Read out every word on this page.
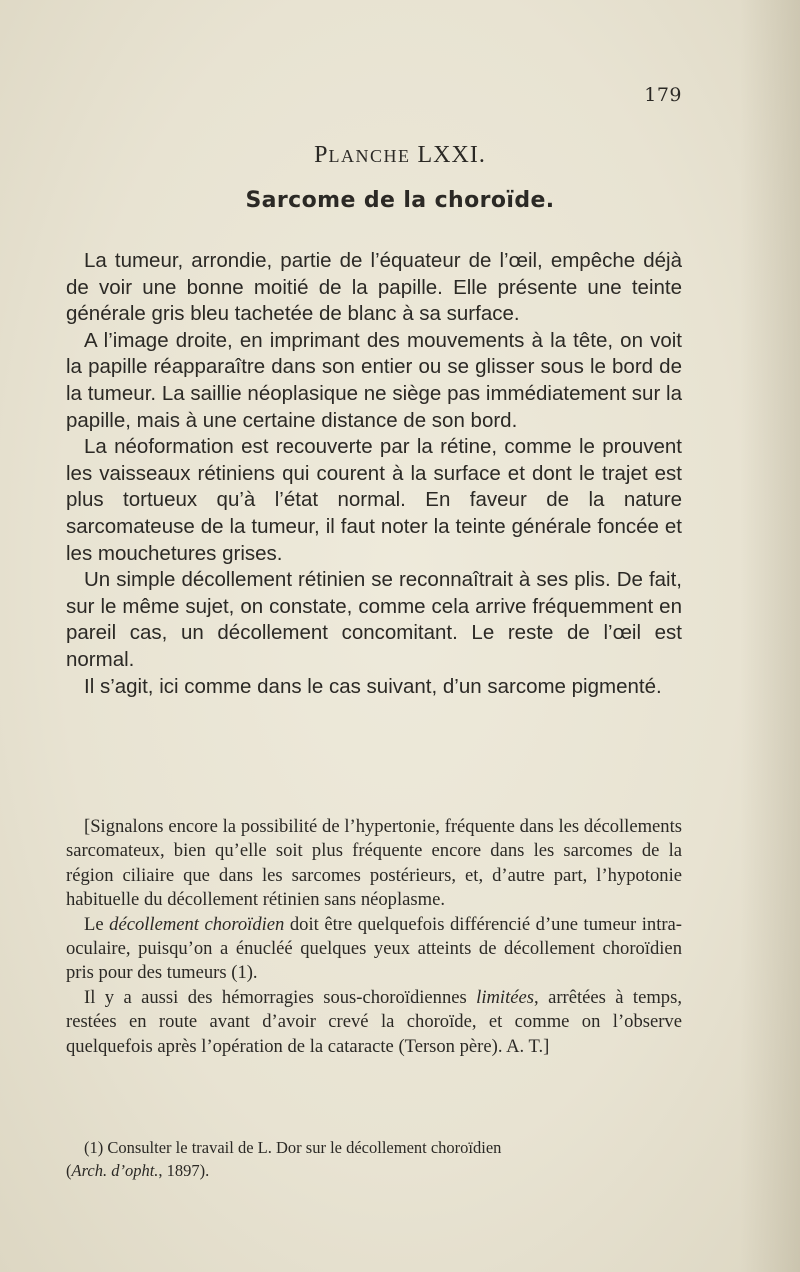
179
PLANCHE LXXI.
Sarcome de la choroïde.

La tumeur, arrondie, partie de l’équateur de l’œil, empêche déjà de voir une bonne moitié de la papille. Elle présente une teinte générale gris bleu tachetée de blanc à sa surface.

A l’image droite, en imprimant des mouvements à la tête, on voit la papille réapparaître dans son entier ou se glisser sous le bord de la tumeur. La saillie néoplasique ne siège pas immédiatement sur la papille, mais à une certaine distance de son bord.

La néoformation est recouverte par la rétine, comme le prouvent les vaisseaux rétiniens qui courent à la surface et dont le trajet est plus tortueux qu’à l’état normal. En faveur de la nature sarcomateuse de la tumeur, il faut noter la teinte générale foncée et les mouchetures grises.

Un simple décollement rétinien se reconnaîtrait à ses plis. De fait, sur le même sujet, on constate, comme cela arrive fréquemment en pareil cas, un décollement concomitant. Le reste de l’œil est normal.

Il s’agit, ici comme dans le cas suivant, d’un sarcome pigmenté.

[Signalons encore la possibilité de l’hypertonie, fréquente dans les décollements sarcomateux, bien qu’elle soit plus fréquente encore dans les sarcomes de la région ciliaire que dans les sarcomes postérieurs, et, d’autre part, l’hypotonie habituelle du décollement rétinien sans néoplasme.

Le décollement choroïdien doit être quelquefois différencié d’une tumeur intra-oculaire, puisqu’on a énucléé quelques yeux atteints de décollement choroïdien pris pour des tumeurs (1).

Il y a aussi des hémorragies sous-choroïdiennes limitées, arrêtées à temps, restées en route avant d’avoir crevé la choroïde, et comme on l’observe quelquefois après l’opération de la cataracte (Terson père). A. T.]

(1) Consulter le travail de L. Dor sur le décollement choroïdien

(Arch. d’opht., 1897).
